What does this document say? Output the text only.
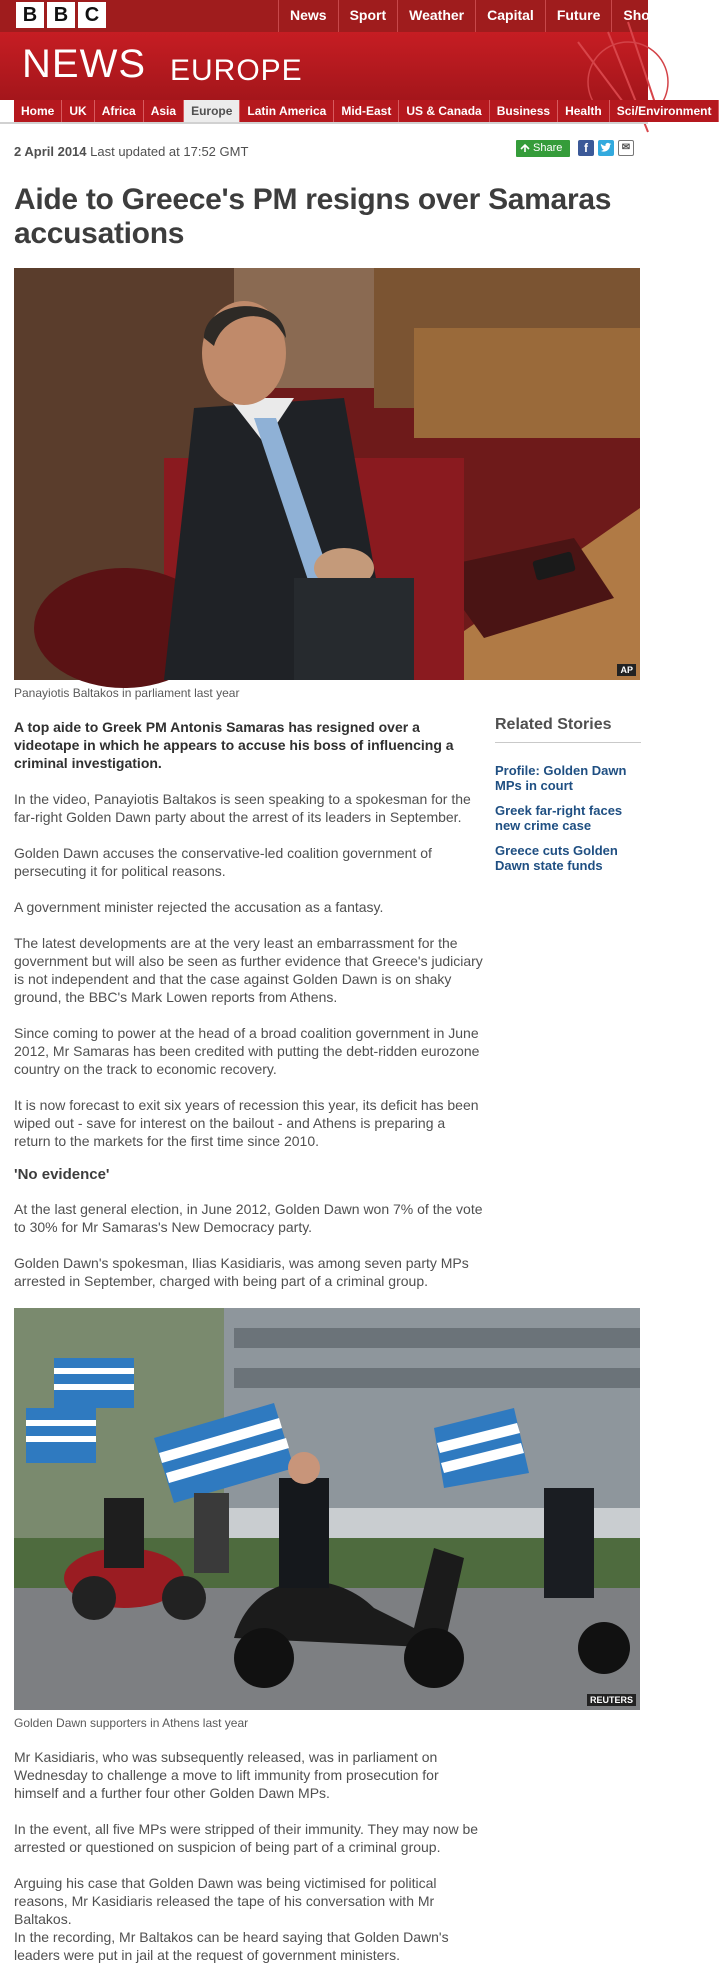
B B C	News	Sport	Weather	Capital	Future	Shop
NEWS EUROPE
Home	UK	Africa	Asia	Europe	Latin America	Mid-East	US & Canada	Business	Health	Sci/Environment
2 April 2014 Last updated at 17:52 GMT	Share	f	✉
Aide to Greece's PM resigns over Samaras accusations
AP
Panayiotis Baltakos in parliament last year

A top aide to Greek PM Antonis Samaras has resigned over a videotape in which he appears to accuse his boss of influencing a criminal investigation.

In the video, Panayiotis Baltakos is seen speaking to a spokesman for the far-right Golden Dawn party about the arrest of its leaders in September.

Golden Dawn accuses the conservative-led coalition government of persecuting it for political reasons.

A government minister rejected the accusation as a fantasy.

The latest developments are at the very least an embarrassment for the government but will also be seen as further evidence that Greece's judiciary is not independent and that the case against Golden Dawn is on shaky ground, the BBC's Mark Lowen reports from Athens.

Since coming to power at the head of a broad coalition government in June 2012, Mr Samaras has been credited with putting the debt-ridden eurozone country on the track to economic recovery.

It is now forecast to exit six years of recession this year, its deficit has been wiped out - save for interest on the bailout - and Athens is preparing a return to the markets for the first time since 2010.

'No evidence'

At the last general election, in June 2012, Golden Dawn won 7% of the vote to 30% for Mr Samaras's New Democracy party.

Golden Dawn's spokesman, Ilias Kasidiaris, was among seven party MPs arrested in September, charged with being part of a criminal group.

Related Stories
Profile: Golden Dawn MPs in court
Greek far-right faces new crime case
Greece cuts Golden Dawn state funds
REUTERS
Golden Dawn supporters in Athens last year

Mr Kasidiaris, who was subsequently released, was in parliament on Wednesday to challenge a move to lift immunity from prosecution for himself and a further four other Golden Dawn MPs.

In the event, all five MPs were stripped of their immunity. They may now be arrested or questioned on suspicion of being part of a criminal group.

Arguing his case that Golden Dawn was being victimised for political reasons, Mr Kasidiaris released the tape of his conversation with Mr Baltakos.

In the recording, Mr Baltakos can be heard saying that Golden Dawn's leaders were put in jail at the request of government ministers.
